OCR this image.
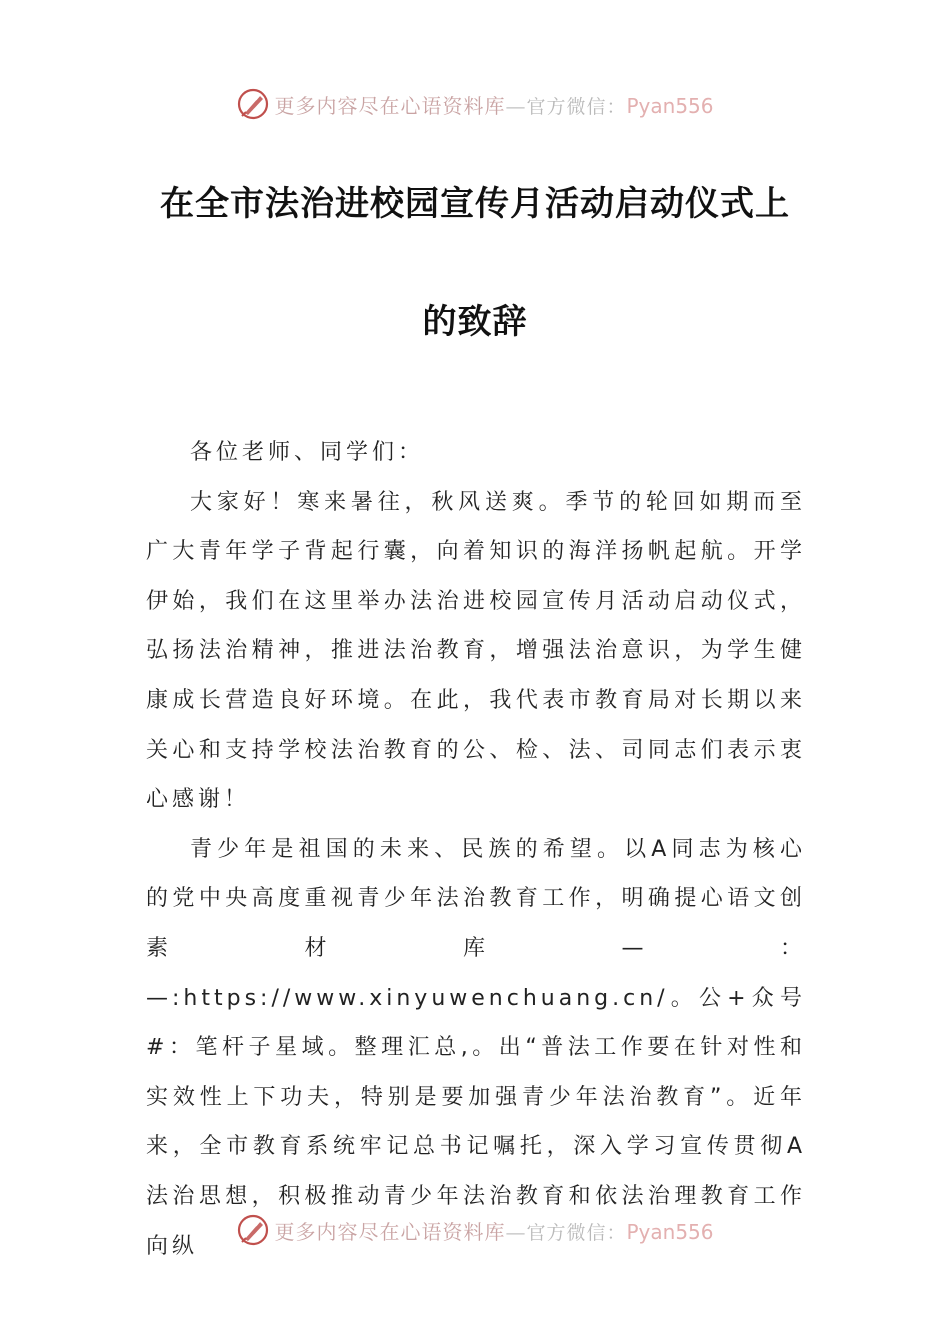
更多内容尽在心语资料库—官方微信：Pyan556
在全市法治进校园宣传月活动启动仪式上
的致辞

各位老师、同学们：

大家好！寒来暑往，秋风送爽。季节的轮回如期而至广大青年学子背起行囊，向着知识的海洋扬帆起航。开学伊始，我们在这里举办法治进校园宣传月活动启动仪式，弘扬法治精神，推进法治教育，增强法治意识，为学生健康成长营造良好环境。在此，我代表市教育局对长期以来关心和支持学校法治教育的公、检、法、司同志们表示衷心感谢！

青少年是祖国的未来、民族的希望。以A同志为核心的党中央高度重视青少年法治教育工作，明确提心语文创素材库—：—:https://www.xinyuwenchuang.cn/。公+众号#：笔杆子星域。整理汇总,。出“普法工作要在针对性和实效性上下功夫，特别是要加强青少年法治教育”。近年来，全市教育系统牢记总书记嘱托，深入学习宣传贯彻A法治思想，积极推动青少年法治教育和依法治理教育工作向纵

更多内容尽在心语资料库—官方微信：Pyan556
